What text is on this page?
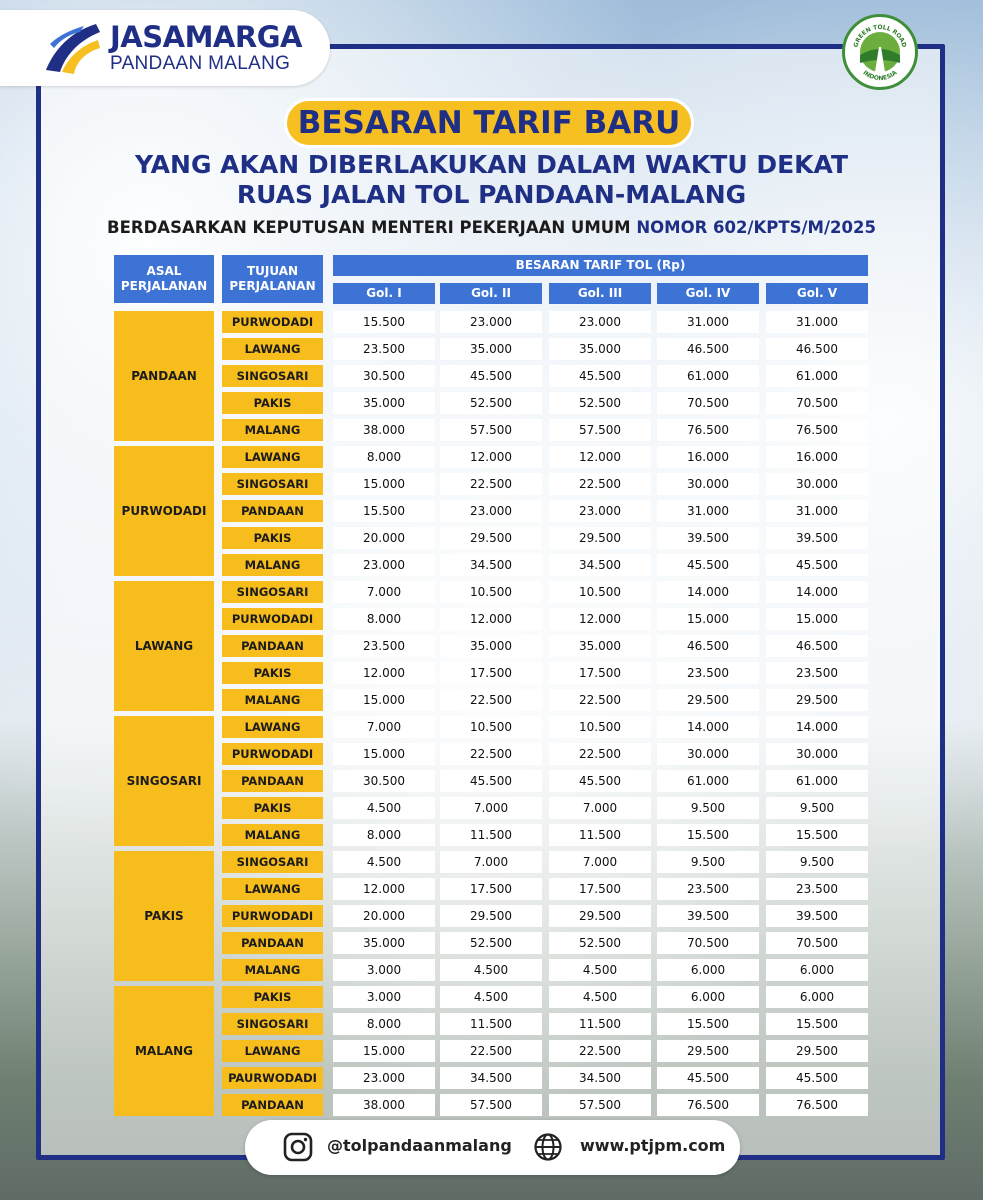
JASAMARGA
PANDAAN MALANG
GREEN TOLL ROAD
INDONESIA
BESARAN TARIF BARU
YANG AKAN DIBERLAKUKAN DALAM WAKTU DEKAT
RUAS JALAN TOL PANDAAN-MALANG
BERDASARKAN KEPUTUSAN MENTERI PEKERJAAN UMUM NOMOR 602/KPTS/M/2025
ASAL
PERJALANAN
TUJUAN
PERJALANAN
BESARAN TARIF TOL (Rp)
Gol. I	Gol. II	Gol. III	Gol. IV	Gol. V
PANDAAN
PURWODADI	15.500	23.000	23.000	31.000	31.000
LAWANG	23.500	35.000	35.000	46.500	46.500
SINGOSARI	30.500	45.500	45.500	61.000	61.000
PAKIS	35.000	52.500	52.500	70.500	70.500
MALANG	38.000	57.500	57.500	76.500	76.500
PURWODADI
LAWANG	8.000	12.000	12.000	16.000	16.000
SINGOSARI	15.000	22.500	22.500	30.000	30.000
PANDAAN	15.500	23.000	23.000	31.000	31.000
PAKIS	20.000	29.500	29.500	39.500	39.500
MALANG	23.000	34.500	34.500	45.500	45.500
LAWANG
SINGOSARI	7.000	10.500	10.500	14.000	14.000
PURWODADI	8.000	12.000	12.000	15.000	15.000
PANDAAN	23.500	35.000	35.000	46.500	46.500
PAKIS	12.000	17.500	17.500	23.500	23.500
MALANG	15.000	22.500	22.500	29.500	29.500
SINGOSARI
LAWANG	7.000	10.500	10.500	14.000	14.000
PURWODADI	15.000	22.500	22.500	30.000	30.000
PANDAAN	30.500	45.500	45.500	61.000	61.000
PAKIS	4.500	7.000	7.000	9.500	9.500
MALANG	8.000	11.500	11.500	15.500	15.500
PAKIS
SINGOSARI	4.500	7.000	7.000	9.500	9.500
LAWANG	12.000	17.500	17.500	23.500	23.500
PURWODADI	20.000	29.500	29.500	39.500	39.500
PANDAAN	35.000	52.500	52.500	70.500	70.500
MALANG	3.000	4.500	4.500	6.000	6.000
MALANG
PAKIS	3.000	4.500	4.500	6.000	6.000
SINGOSARI	8.000	11.500	11.500	15.500	15.500
LAWANG	15.000	22.500	22.500	29.500	29.500
PAURWODADI	23.000	34.500	34.500	45.500	45.500
PANDAAN	38.000	57.500	57.500	76.500	76.500
@tolpandaanmalang	www.ptjpm.com
